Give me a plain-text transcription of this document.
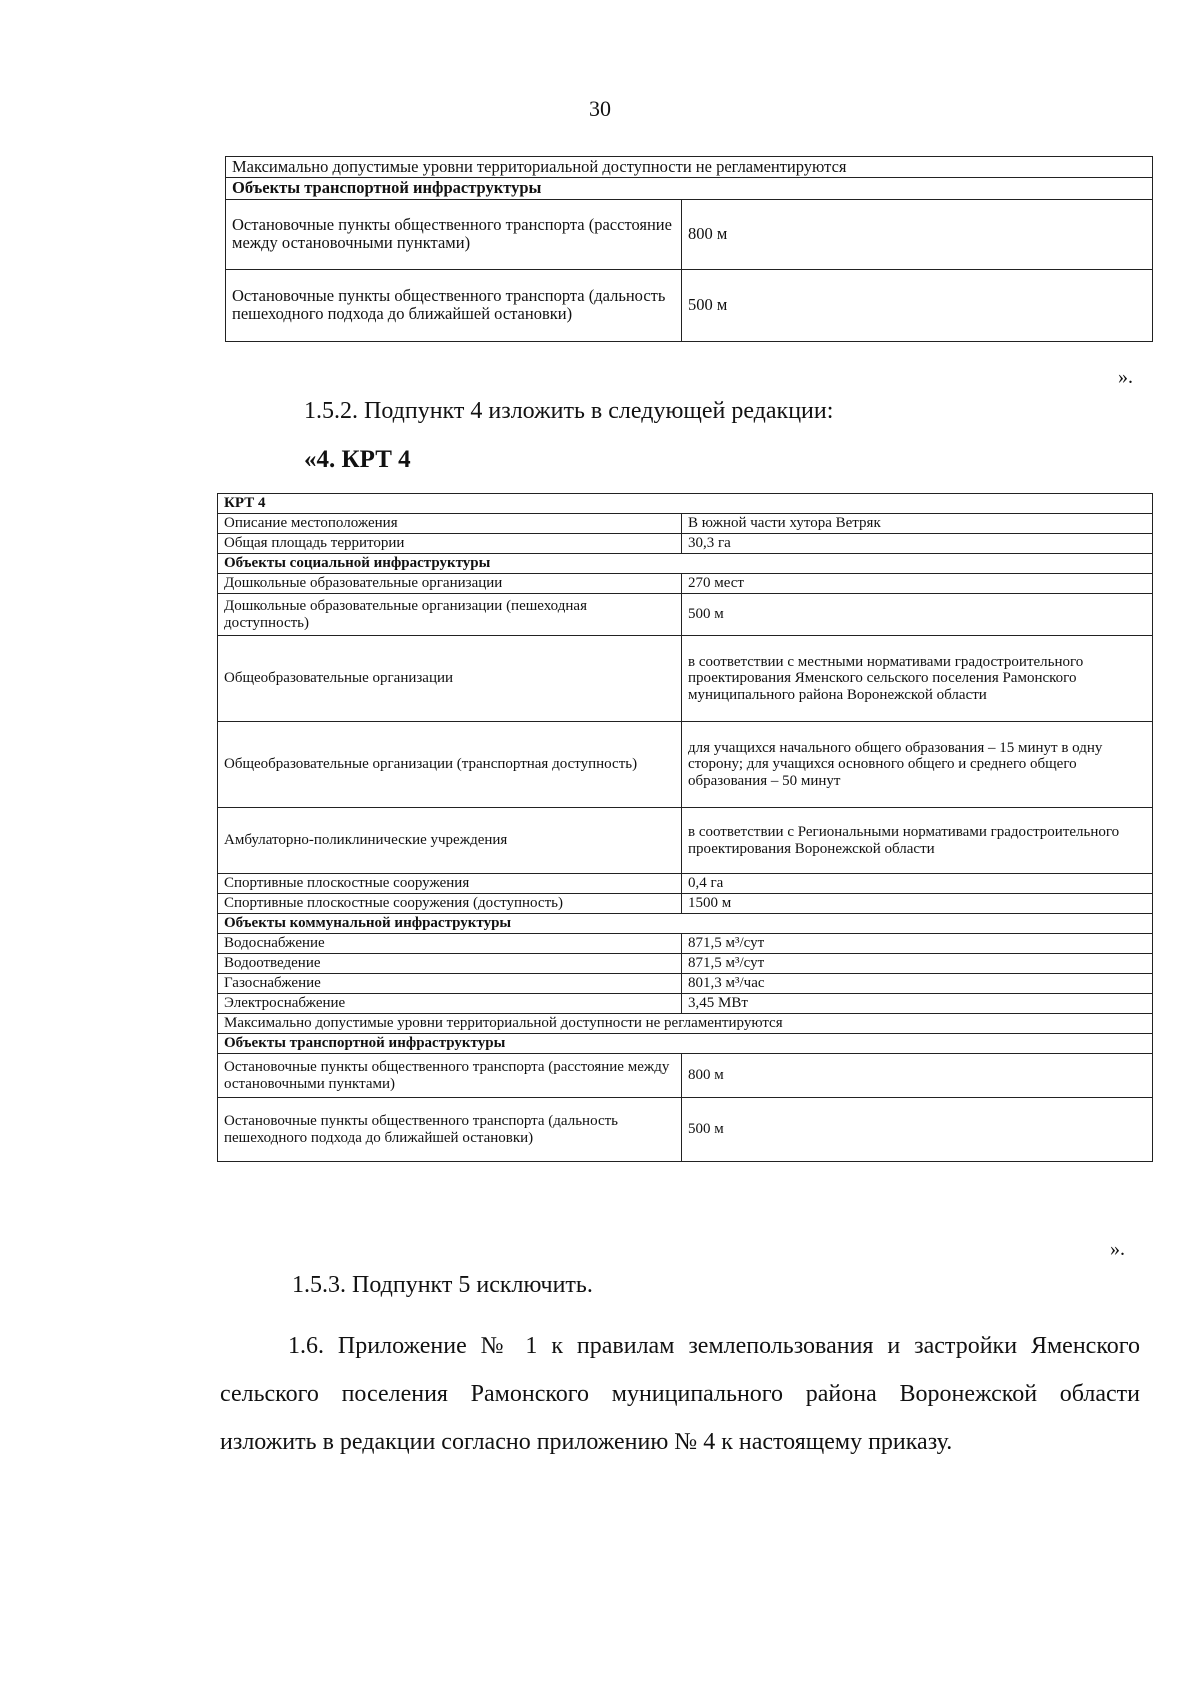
30
Максимально допустимые уровни территориальной доступности не регламентируются	
Объекты транспортной инфраструктуры	
Остановочные пункты общественного транспорта (расстояние между остановочными пунктами)	800 м
Остановочные пункты общественного транспорта (дальность пешеходного подхода до ближайшей остановки)	500 м
».
1.5.2. Подпункт 4 изложить в следующей редакции:
«4. КРТ 4
КРТ 4	
Описание местоположения	В южной части хутора Ветряк
Общая площадь территории	30,3 га
Объекты социальной инфраструктуры	
Дошкольные образовательные организации	270 мест
Дошкольные образовательные организации (пешеходная доступность)	500 м
Общеобразовательные организации	в соответствии с местными нормативами градостроительного проектирования Яменского сельского поселения Рамонского муниципального района Воронежской области
Общеобразовательные организации (транспортная доступность)	для учащихся начального общего образования – 15 минут в одну сторону; для учащихся основного общего и среднего общего образования – 50 минут
Амбулаторно-поликлинические учреждения	в соответствии с Региональными нормативами градостроительного проектирования Воронежской области
Спортивные плоскостные сооружения	0,4 га
Спортивные плоскостные сооружения (доступность)	1500 м
Объекты коммунальной инфраструктуры	
Водоснабжение	871,5 м³/сут
Водоотведение	871,5 м³/сут
Газоснабжение	801,3 м³/час
Электроснабжение	3,45 МВт
Максимально допустимые уровни территориальной доступности не регламентируются	
Объекты транспортной инфраструктуры	
Остановочные пункты общественного транспорта (расстояние между остановочными пунктами)	800 м
Остановочные пункты общественного транспорта (дальность пешеходного подхода до ближайшей остановки)	500 м
».
1.5.3. Подпункт 5 исключить.
1.6. Приложение № 1 к правилам землепользования и застройки Яменского сельского поселения Рамонского муниципального района Воронежской области изложить в редакции согласно приложению № 4 к настоящему приказу.
